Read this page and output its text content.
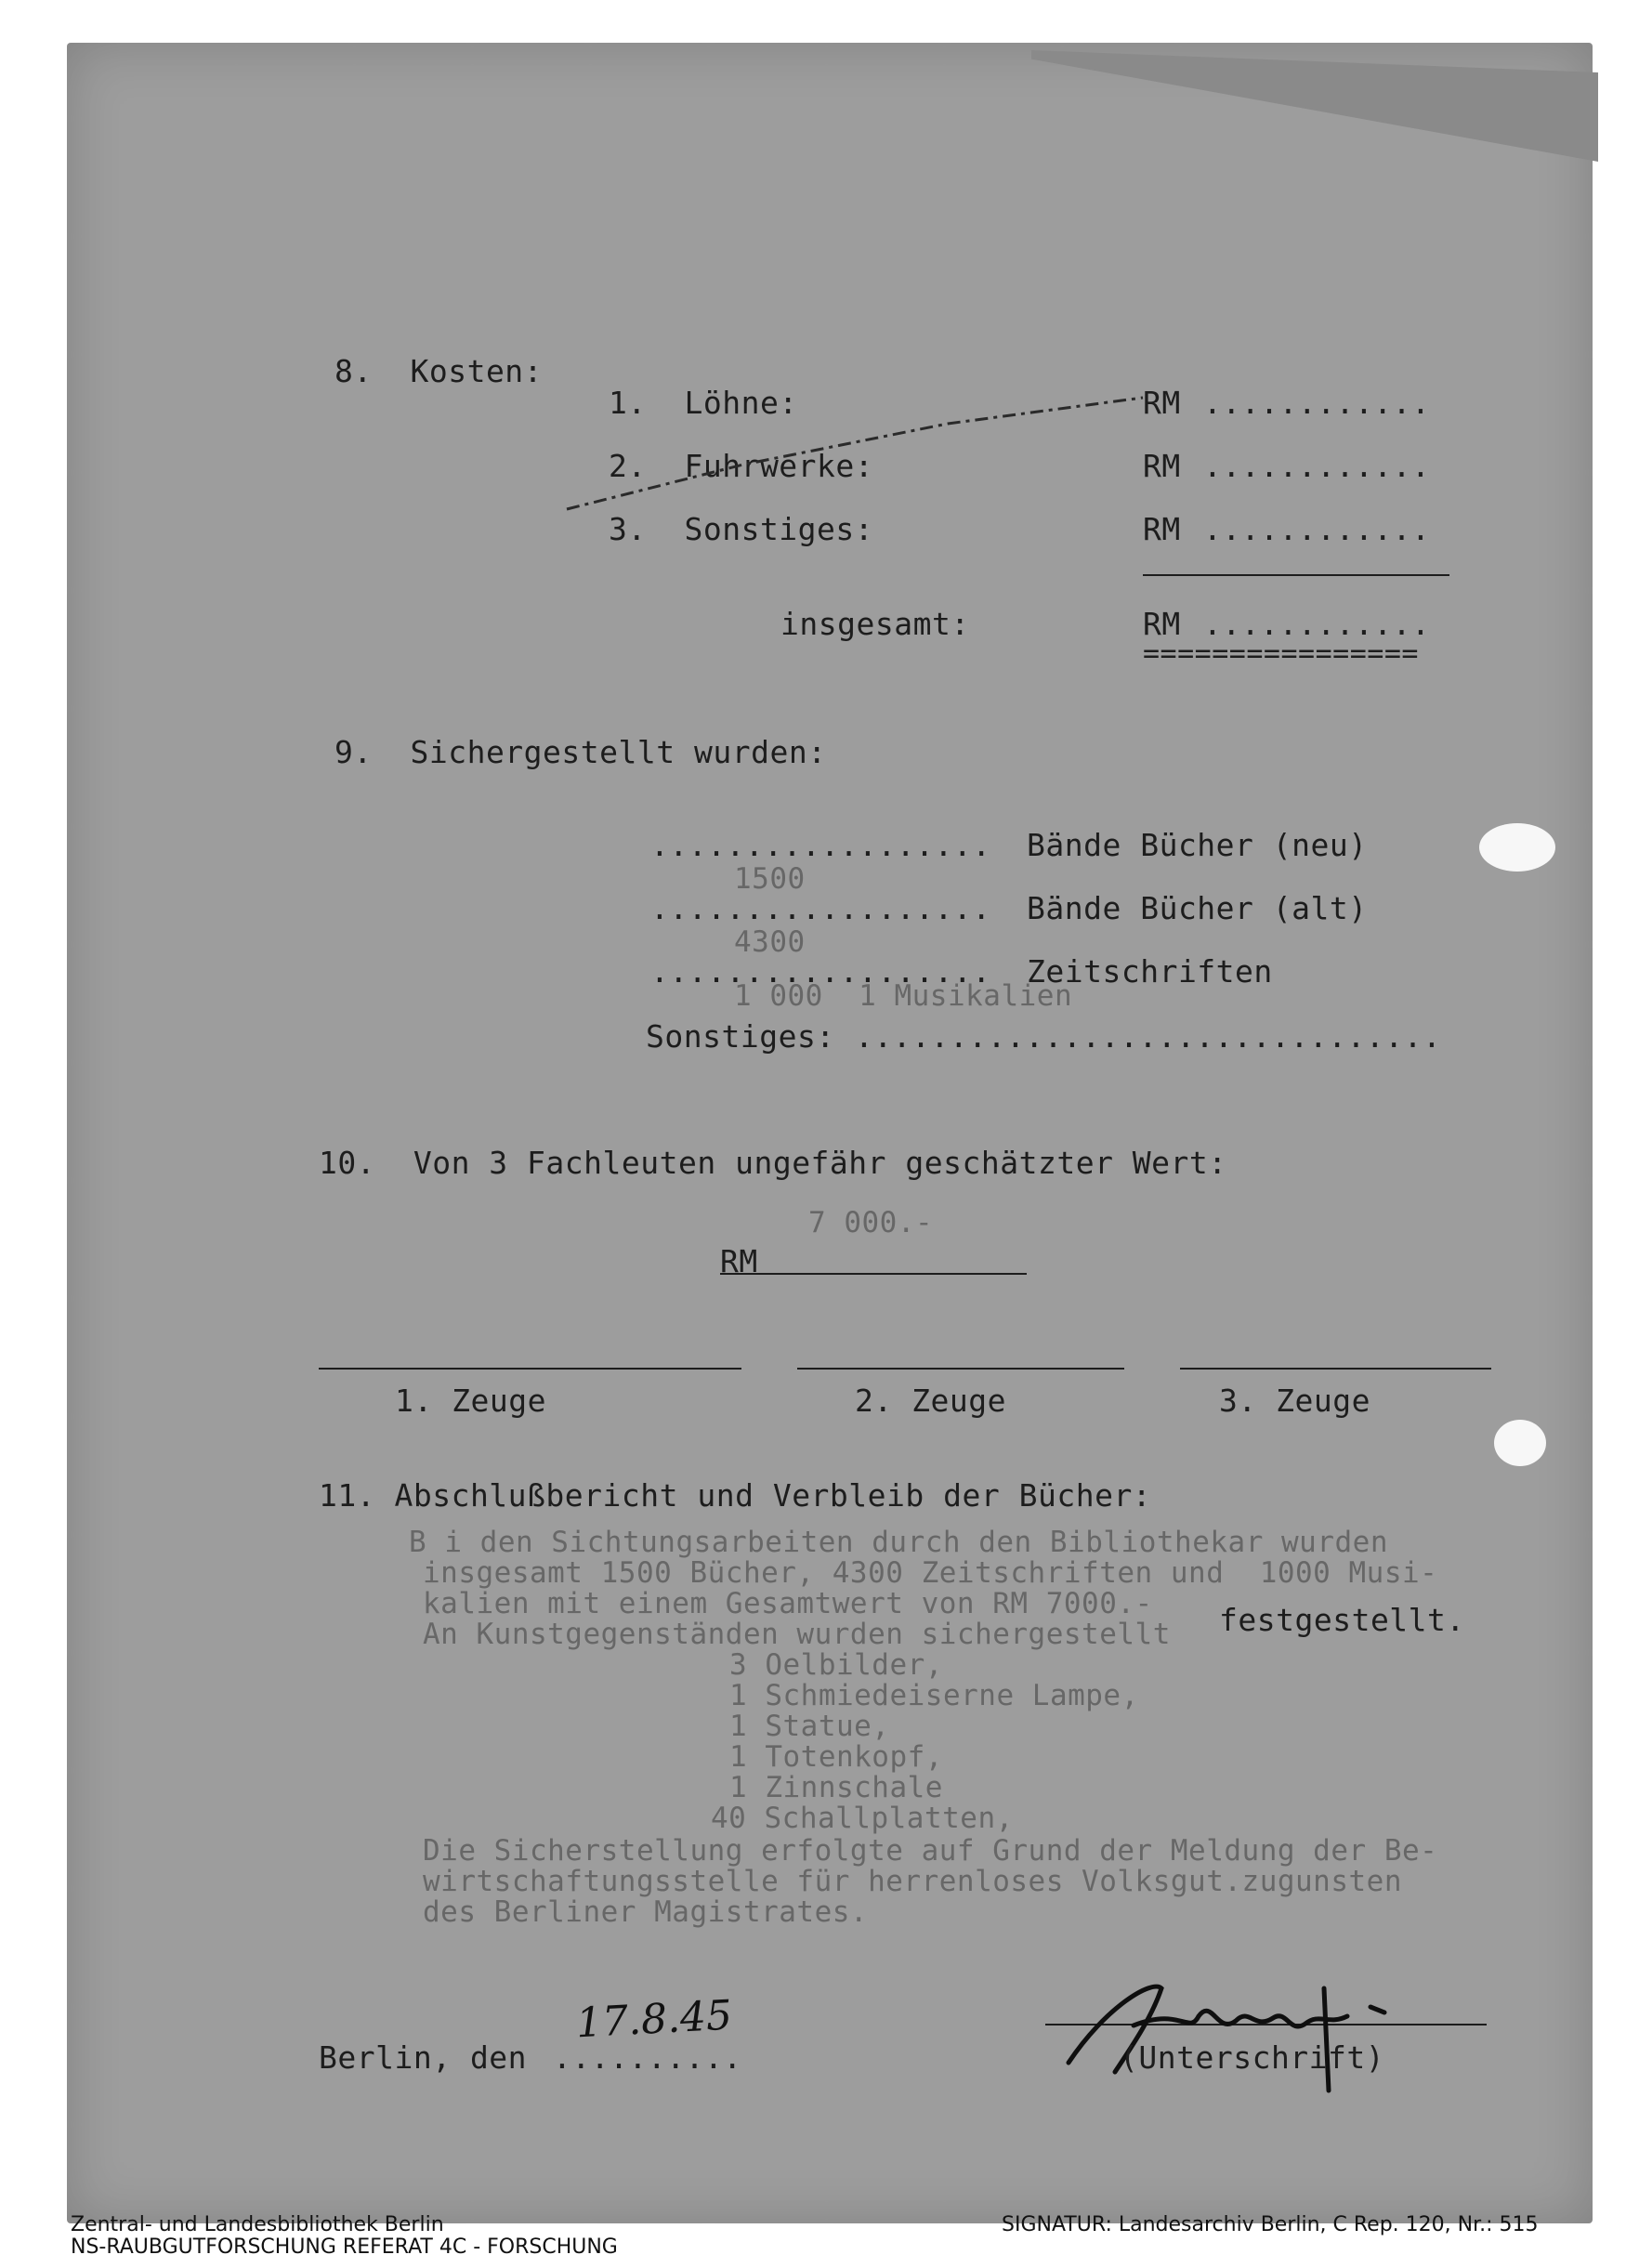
8.  Kosten:
1.  Löhne:	RM ............
2.  Fuhrwerke:	RM ............
3.  Sonstiges:	RM ............
insgesamt:	RM ............
================
9.  Sichergestellt wurden:
.................. Bände Bücher (neu)
1500
.................. Bände Bücher (alt)
4300
.................. Zeitschriften
1 000  1 Musikalien
Sonstiges: ...............................
10.  Von 3 Fachleuten ungefähr geschätzter Wert:
7 000.-
RM
1. Zeuge	2. Zeuge	3. Zeuge
11. Abschlußbericht und Verbleib der Bücher:
B i den Sichtungsarbeiten durch den Bibliothekar wurden
insgesamt 1500 Bücher, 4300 Zeitschriften und  1000 Musi-
kalien mit einem Gesamtwert von RM 7000.- festgestellt.
An Kunstgegenständen wurden sichergestellt
3 Oelbilder,
1 Schmiedeiserne Lampe,
1 Statue,
1 Totenkopf,
1 Zinnschale
40 Schallplatten,
Die Sicherstellung erfolgte auf Grund der Meldung der Be-
wirtschaftungsstelle für herrenloses Volksgut.zugunsten
des Berliner Magistrates.
Berlin, den ..........
17.8.45
(Unterschrift)
Zentral- und Landesbibliothek Berlin
NS-RAUBGUTFORSCHUNG REFERAT 4C - FORSCHUNG
SIGNATUR: Landesarchiv Berlin, C Rep. 120, Nr.: 515
